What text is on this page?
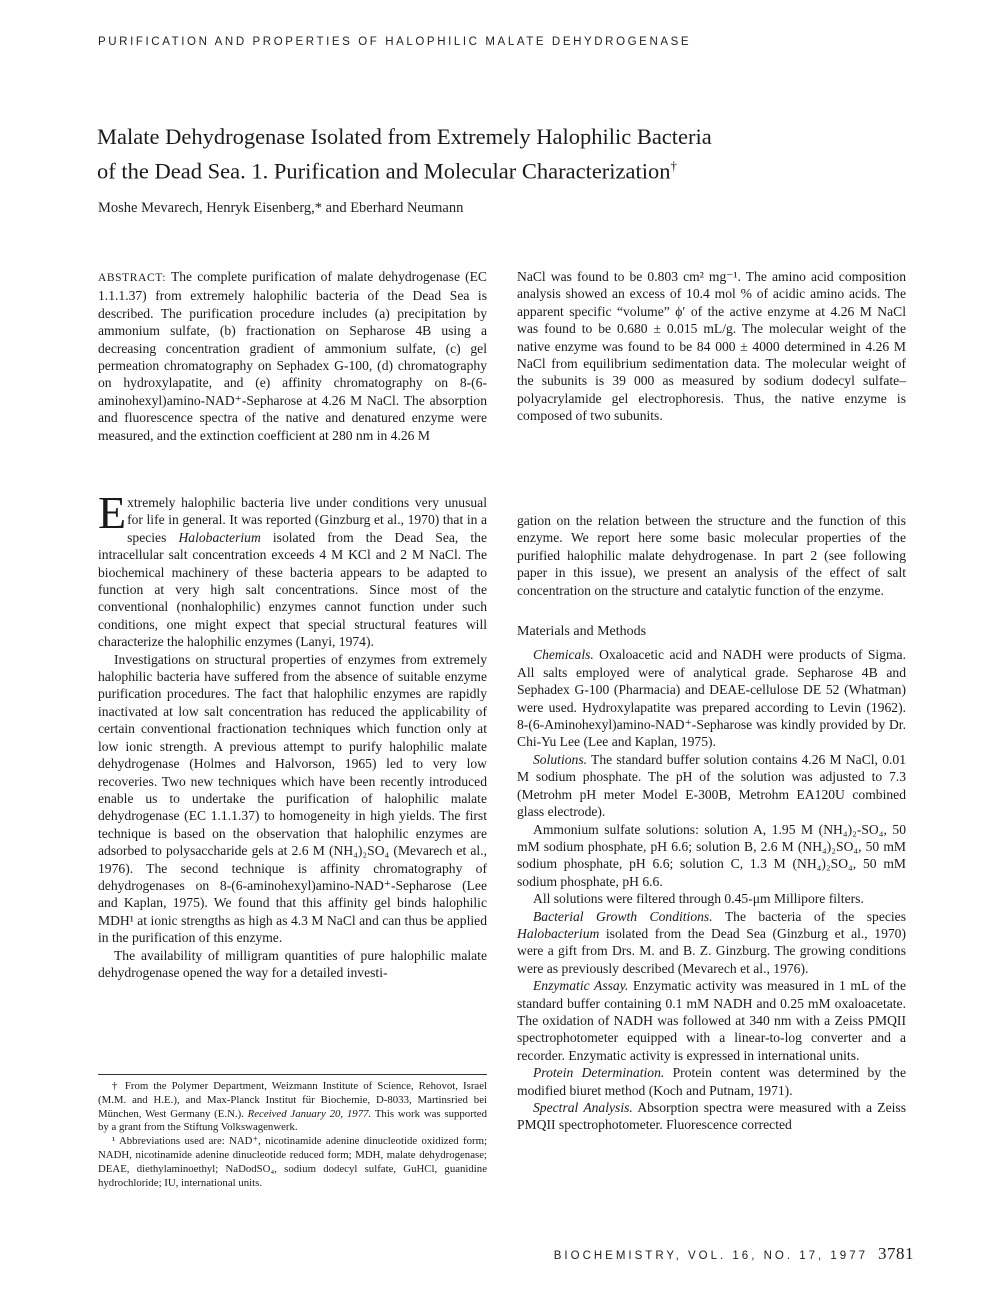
PURIFICATION AND PROPERTIES OF HALOPHILIC MALATE DEHYDROGENASE
Malate Dehydrogenase Isolated from Extremely Halophilic Bacteria
of the Dead Sea. 1. Purification and Molecular Characterization†
Moshe Mevarech, Henryk Eisenberg,* and Eberhard Neumann

ABSTRACT: The complete purification of malate dehydrogenase (EC 1.1.1.37) from extremely halophilic bacteria of the Dead Sea is described. The purification procedure includes (a) precipitation by ammonium sulfate, (b) fractionation on Sepharose 4B using a decreasing concentration gradient of ammonium sulfate, (c) gel permeation chromatography on Sephadex G-100, (d) chromatography on hydroxylapatite, and (e) affinity chromatography on 8-(6-aminohexyl)amino-NAD⁺-Sepharose at 4.26 M NaCl. The absorption and fluorescence spectra of the native and denatured enzyme were measured, and the extinction coefficient at 280 nm in 4.26 M

NaCl was found to be 0.803 cm² mg⁻¹. The amino acid composition analysis showed an excess of 10.4 mol % of acidic amino acids. The apparent specific “volume” ϕ′ of the active enzyme at 4.26 M NaCl was found to be 0.680 ± 0.015 mL/g. The molecular weight of the native enzyme was found to be 84 000 ± 4000 determined in 4.26 M NaCl from equilibrium sedimentation data. The molecular weight of the subunits is 39 000 as measured by sodium dodecyl sulfate–polyacrylamide gel electrophoresis. Thus, the native enzyme is composed of two subunits.

Extremely halophilic bacteria live under conditions very unusual for life in general. It was reported (Ginzburg et al., 1970) that in a species Halobacterium isolated from the Dead Sea, the intracellular salt concentration exceeds 4 M KCl and 2 M NaCl. The biochemical machinery of these bacteria appears to be adapted to function at very high salt concentrations. Since most of the conventional (nonhalophilic) enzymes cannot function under such conditions, one might expect that special structural features will characterize the halophilic enzymes (Lanyi, 1974).

Investigations on structural properties of enzymes from extremely halophilic bacteria have suffered from the absence of suitable enzyme purification procedures. The fact that halophilic enzymes are rapidly inactivated at low salt concentration has reduced the applicability of certain conventional fractionation techniques which function only at low ionic strength. A previous attempt to purify halophilic malate dehydrogenase (Holmes and Halvorson, 1965) led to very low recoveries. Two new techniques which have been recently introduced enable us to undertake the purification of halophilic malate dehydrogenase (EC 1.1.1.37) to homogeneity in high yields. The first technique is based on the observation that halophilic enzymes are adsorbed to polysaccharide gels at 2.6 M (NH₄)₂SO₄ (Mevarech et al., 1976). The second technique is affinity chromatography of dehydrogenases on 8-(6-aminohexyl)amino-NAD⁺-Sepharose (Lee and Kaplan, 1975). We found that this affinity gel binds halophilic MDH¹ at ionic strengths as high as 4.3 M NaCl and can thus be applied in the purification of this enzyme.

The availability of milligram quantities of pure halophilic malate dehydrogenase opened the way for a detailed investi-

† From the Polymer Department, Weizmann Institute of Science, Rehovot, Israel (M.M. and H.E.), and Max-Planck Institut für Biochemie, D-8033, Martinsried bei München, West Germany (E.N.). Received January 20, 1977. This work was supported by a grant from the Stiftung Volkswagenwerk.

¹ Abbreviations used are: NAD⁺, nicotinamide adenine dinucleotide oxidized form; NADH, nicotinamide adenine dinucleotide reduced form; MDH, malate dehydrogenase; DEAE, diethylaminoethyl; NaDodSO₄, sodium dodecyl sulfate, GuHCl, guanidine hydrochloride; IU, international units.

gation on the relation between the structure and the function of this enzyme. We report here some basic molecular properties of the purified halophilic malate dehydrogenase. In part 2 (see following paper in this issue), we present an analysis of the effect of salt concentration on the structure and catalytic function of the enzyme.

Materials and Methods

Chemicals. Oxaloacetic acid and NADH were products of Sigma. All salts employed were of analytical grade. Sepharose 4B and Sephadex G-100 (Pharmacia) and DEAE-cellulose DE 52 (Whatman) were used. Hydroxylapatite was prepared according to Levin (1962). 8-(6-Aminohexyl)amino-NAD⁺-Sepharose was kindly provided by Dr. Chi-Yu Lee (Lee and Kaplan, 1975).

Solutions. The standard buffer solution contains 4.26 M NaCl, 0.01 M sodium phosphate. The pH of the solution was adjusted to 7.3 (Metrohm pH meter Model E-300B, Metrohm EA120U combined glass electrode).

Ammonium sulfate solutions: solution A, 1.95 M (NH₄)₂-SO₄, 50 mM sodium phosphate, pH 6.6; solution B, 2.6 M (NH₄)₂SO₄, 50 mM sodium phosphate, pH 6.6; solution C, 1.3 M (NH₄)₂SO₄, 50 mM sodium phosphate, pH 6.6.

All solutions were filtered through 0.45-μm Millipore filters.

Bacterial Growth Conditions. The bacteria of the species Halobacterium isolated from the Dead Sea (Ginzburg et al., 1970) were a gift from Drs. M. and B. Z. Ginzburg. The growing conditions were as previously described (Mevarech et al., 1976).

Enzymatic Assay. Enzymatic activity was measured in 1 mL of the standard buffer containing 0.1 mM NADH and 0.25 mM oxaloacetate. The oxidation of NADH was followed at 340 nm with a Zeiss PMQII spectrophotometer equipped with a linear-to-log converter and a recorder. Enzymatic activity is expressed in international units.

Protein Determination. Protein content was determined by the modified biuret method (Koch and Putnam, 1971).

Spectral Analysis. Absorption spectra were measured with a Zeiss PMQII spectrophotometer. Fluorescence corrected

BIOCHEMISTRY, VOL. 16, NO. 17, 1977 3781
